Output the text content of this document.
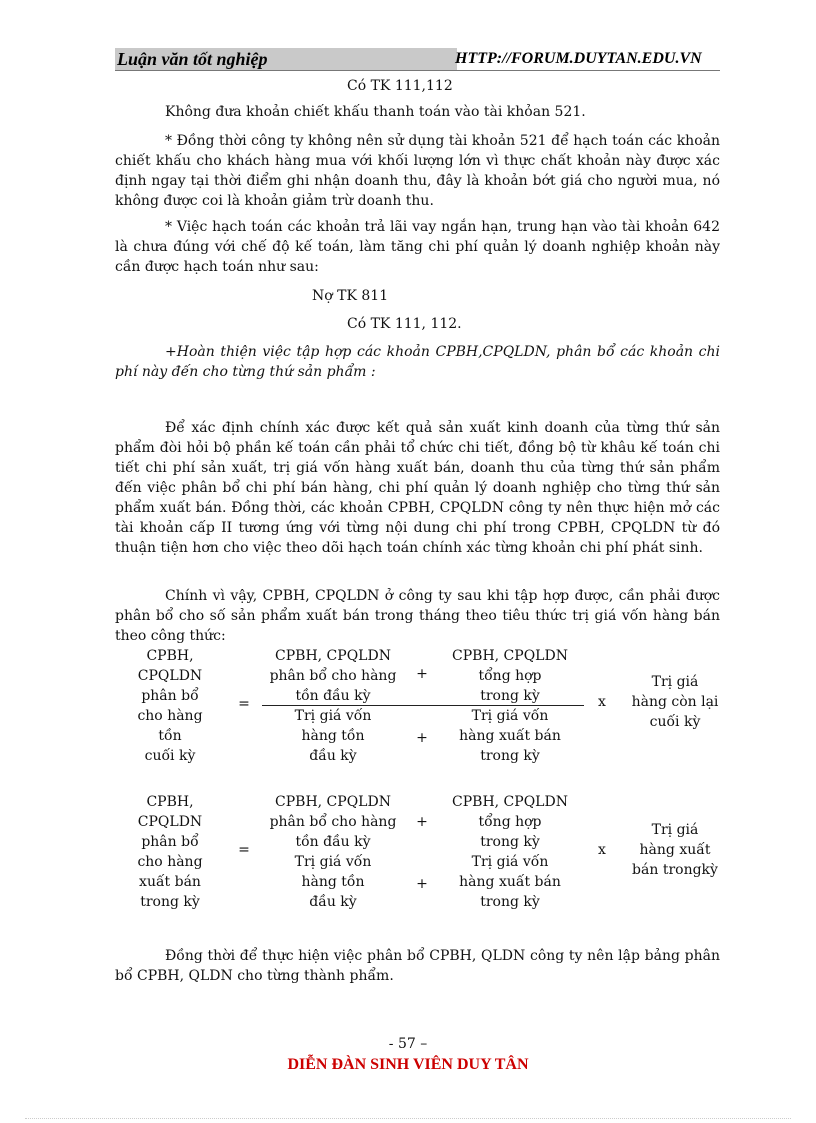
Luận văn tốt nghiệp	HTTP://FORUM.DUYTAN.EDU.VN
Có TK 111,112
Không đưa khoản chiết khấu thanh toán vào tài khỏan 521.
* Đồng thời công ty không nên sử dụng tài khoản 521 để hạch toán các khoản chiết khấu cho khách hàng mua với khối lượng lớn vì thực chất khoản này được xác định ngay tại thời điểm ghi nhận doanh thu, đây là khoản bớt giá cho người mua, nó không được coi là khoản giảm trừ doanh thu.
* Việc hạch toán các khoản trả lãi vay ngắn hạn, trung hạn vào tài khoản 642 là chưa đúng với chế độ kế toán, làm tăng chi phí quản lý doanh nghiệp khoản này cần được hạch toán như sau:
Nợ TK 811
Có TK 111, 112.
+Hoàn thiện việc tập hợp các khoản CPBH,CPQLDN, phân bổ các khoản chi phí này đến cho từng thứ sản phẩm :
Để xác định chính xác được kết quả sản xuất kinh doanh của từng thứ sản phẩm đòi hỏi bộ phần kế toán cần phải tổ chức chi tiết, đồng bộ từ khâu kế toán chi tiết chi phí sản xuất, trị giá vốn hàng xuất bán, doanh thu của từng thứ sản phẩm đến việc phân bổ chi phí bán hàng, chi phí quản lý doanh nghiệp cho từng thứ sản phẩm xuất bán. Đồng thời, các khoản CPBH, CPQLDN công ty nên thực hiện mở các tài khoản cấp II tương ứng với từng nội dung chi phí trong CPBH, CPQLDN từ đó thuận tiện hơn cho việc theo dõi hạch toán chính xác từng khoản chi phí phát sinh.
Chính vì vậy, CPBH, CPQLDN ở công ty sau khi tập hợp được, cần phải được phân bổ cho số sản phẩm xuất bán trong tháng theo tiêu thức trị giá vốn hàng bán theo công thức:
CPBH,
CPQLDN
phân bổ
cho hàng
tồn
cuối kỳ
=
CPBH, CPQLDN
phân bổ cho hàng
tồn đầu kỳ
+
CPBH, CPQLDN
tổng hợp
trong kỳ
Trị giá vốn
hàng tồn
đầu kỳ
+
Trị giá vốn
hàng xuất bán
trong kỳ
x
Trị giá
hàng còn lại
cuối kỳ
CPBH,
CPQLDN
phân bổ
cho hàng
xuất bán
trong kỳ
=
CPBH, CPQLDN
phân bổ cho hàng
tồn đầu kỳ
+
CPBH, CPQLDN
tổng hợp
trong kỳ
Trị giá vốn
hàng tồn
đầu kỳ
+
Trị giá vốn
hàng xuất bán
trong kỳ
x
Trị giá
hàng xuất
bán trongkỳ
Đồng thời để thực hiện việc phân bổ CPBH, QLDN công ty nên lập bảng phân bổ CPBH, QLDN cho từng thành phẩm.
- 57 –
DIỄN ĐÀN SINH VIÊN DUY TÂN
